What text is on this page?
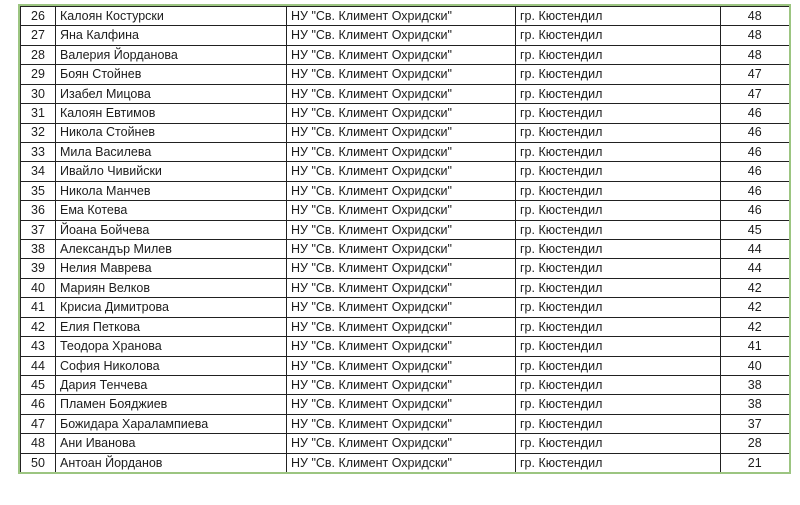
26	Калоян Костурски	НУ "Св. Климент Охридски"	гр. Кюстендил	48
27	Яна Калфина	НУ "Св. Климент Охридски"	гр. Кюстендил	48
28	Валерия Йорданова	НУ "Св. Климент Охридски"	гр. Кюстендил	48
29	Боян Стойнев	НУ "Св. Климент Охридски"	гр. Кюстендил	47
30	Изабел Мицова	НУ "Св. Климент Охридски"	гр. Кюстендил	47
31	Калоян Евтимов	НУ "Св. Климент Охридски"	гр. Кюстендил	46
32	Никола Стойнев	НУ "Св. Климент Охридски"	гр. Кюстендил	46
33	Мила Василева	НУ "Св. Климент Охридски"	гр. Кюстендил	46
34	Ивайло Чивийски	НУ "Св. Климент Охридски"	гр. Кюстендил	46
35	Никола Манчев	НУ "Св. Климент Охридски"	гр. Кюстендил	46
36	Ема Котева	НУ "Св. Климент Охридски"	гр. Кюстендил	46
37	Йоана Бойчева	НУ "Св. Климент Охридски"	гр. Кюстендил	45
38	Александър Милев	НУ "Св. Климент Охридски"	гр. Кюстендил	44
39	Нелия Маврева	НУ "Св. Климент Охридски"	гр. Кюстендил	44
40	Мариян Велков	НУ "Св. Климент Охридски"	гр. Кюстендил	42
41	Крисиа Димитрова	НУ "Св. Климент Охридски"	гр. Кюстендил	42
42	Елия Петкова	НУ "Св. Климент Охридски"	гр. Кюстендил	42
43	Теодора Хранова	НУ "Св. Климент Охридски"	гр. Кюстендил	41
44	София Николова	НУ "Св. Климент Охридски"	гр. Кюстендил	40
45	Дария Тенчева	НУ "Св. Климент Охридски"	гр. Кюстендил	38
46	Пламен Бояджиев	НУ "Св. Климент Охридски"	гр. Кюстендил	38
47	Божидара Харалампиева	НУ "Св. Климент Охридски"	гр. Кюстендил	37
48	Ани Иванова	НУ "Св. Климент Охридски"	гр. Кюстендил	28
50	Антоан Йорданов	НУ "Св. Климент Охридски"	гр. Кюстендил	21
